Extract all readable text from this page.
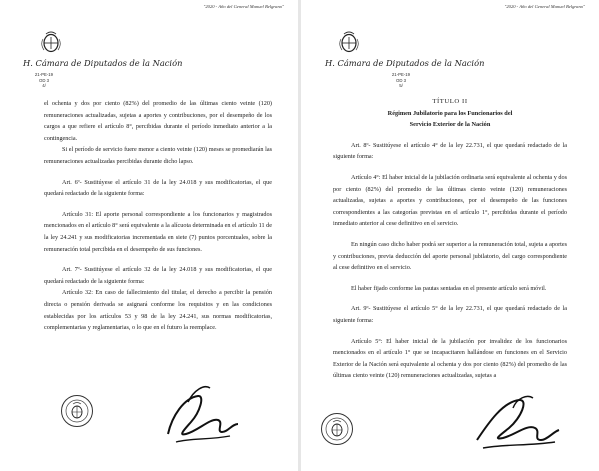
"2020 - Año del General Manuel Belgrano"
H. Cámara de Diputados de la Nación
21-PE-19
OD 3
4/

el ochenta y dos por ciento (82%) del promedio de las últimas ciento veinte (120) remuneraciones actualizadas, sujetas a aportes y contribuciones, por el desempeño de los cargos a que refiere el artículo 8°, percibidas durante el período inmediato anterior a la contingencia.

Si el período de servicio fuere menor a ciento veinte (120) meses se promediarán las remuneraciones actualizadas percibidas durante dicho lapso.

Art. 6º- Sustitúyese el artículo 31 de la ley 24.018 y sus modificatorias, el que quedará redactado de la siguiente forma:

Artículo 31: El aporte personal correspondiente a los funcionarios y magistrados mencionados en el artículo 8° será equivalente a la alícuota determinada en el artículo 11 de la ley 24.241 y sus modificatorias incrementada en siete (7) puntos porcentuales, sobre la remuneración total percibida en el desempeño de sus funciones.

Art. 7º- Sustitúyese el artículo 32 de la ley 24.018 y sus modificatorias, el que quedará redactado de la siguiente forma:

Artículo 32: En caso de fallecimiento del titular, el derecho a percibir la pensión directa o pensión derivada se asignará conforme los requisitos y en las condiciones establecidas por los artículos 53 y 98 de la ley 24.241, sus normas modificatorias, complementarias y reglamentarias, o lo que en el futuro la reemplace.

"2020 - Año del General Manuel Belgrano"
H. Cámara de Diputados de la Nación
21-PE-19
OD 3
5/

TÍTULO II

Régimen Jubilatorio para los Funcionarios del

Servicio Exterior de la Nación

Art. 8º- Sustitúyese el artículo 4° de la ley 22.731, el que quedará redactado de la siguiente forma:

Artículo 4°: El haber inicial de la jubilación ordinaria será equivalente al ochenta y dos por ciento (82%) del promedio de las últimas ciento veinte (120) remuneraciones actualizadas, sujetas a aportes y contribuciones, por el desempeño de las funciones correspondientes a las categorías previstas en el artículo 1°, percibidas durante el período inmediato anterior al cese definitivo en el servicio.

En ningún caso dicho haber podrá ser superior a la remuneración total, sujeta a aportes y contribuciones, previa deducción del aporte personal jubilatorio, del cargo correspondiente al cese definitivo en el servicio.

El haber fijado conforme las pautas sentadas en el presente artículo será móvil.

Art. 9º- Sustitúyese el artículo 5° de la ley 22.731, el que quedará redactado de la siguiente forma:

Artículo 5°: El haber inicial de la jubilación por invalidez de los funcionarios mencionados en el artículo 1° que se incapacitaren hallándose en funciones en el Servicio Exterior de la Nación será equivalente al ochenta y dos por ciento (82%) del promedio de las últimas ciento veinte (120) remuneraciones actualizadas, sujetas a
